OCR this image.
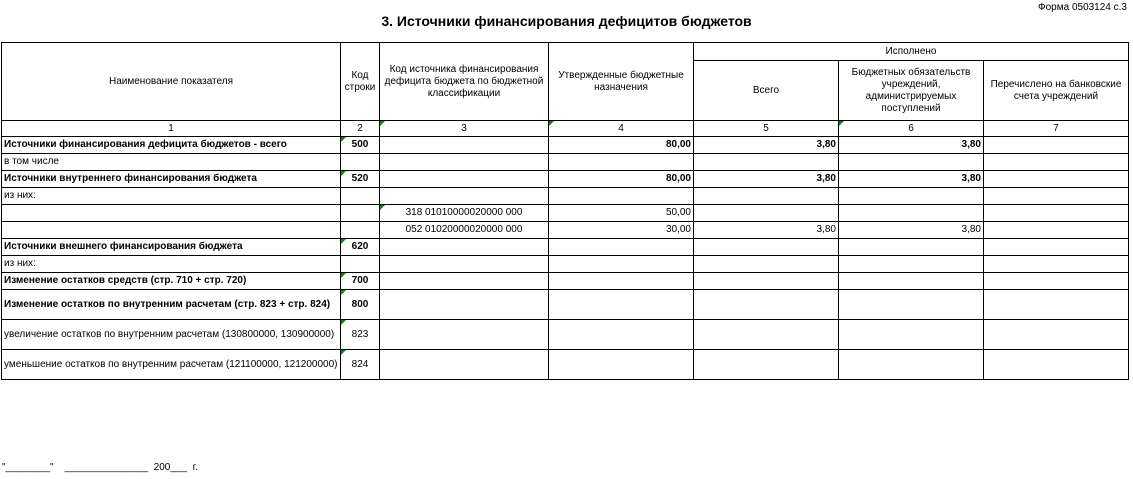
Форма 0503124 с.3
3. Источники финансирования дефицитов бюджетов
Наименование показателя	Код строки	Код источника финансирования дефицита бюджета по бюджетной классификации	Утвержденные бюджетные назначения	Исполнено		
				Всего	Бюджетных обязательств учреждений, администрируемых поступлений	Перечислено на банковские счета учреждений
1	2	3	4	5	6	7
Источники финансирования дефицита бюджетов - всего	500		80,00	3,80	3,80	
в том числе						
Источники внутреннего финансирования бюджета	520		80,00	3,80	3,80	
из них:						
		318 01010000020000 000	50,00			
		052 01020000020000 000	30,00	3,80	3,80	
Источники внешнего финансирования бюджета	620					
из них:						
Изменение остатков средств (стр. 710 + стр. 720)	700					
Изменение остатков по внутренним расчетам (стр. 823 + стр. 824)	800					
увеличение остатков по внутренним расчетам (130800000, 130900000)	823					
уменьшение остатков по внутренним расчетам (121100000, 121200000)	824					
"________"    _______________  200___  г.
